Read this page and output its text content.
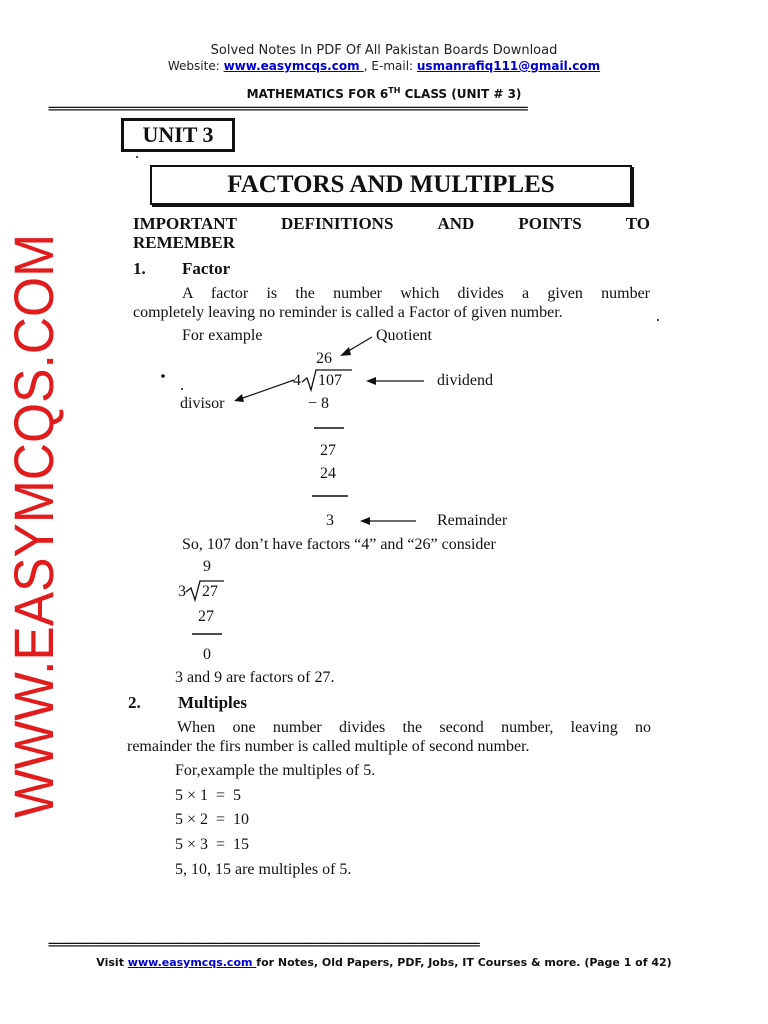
Solved Notes In PDF Of All Pakistan Boards Download
Website: www.easymcqs.com , E-mail: usmanrafiq111@gmail.com
MATHEMATICS FOR 6TH CLASS (UNIT # 3)
==========================================================================================
WWW.EASYMCQS.COM
UNIT 3
FACTORS AND MULTIPLES
IMPORTANT	DEFINITIONS	AND	POINTS	TO
REMEMBER
1. Factor
A factor is the number which divides a given number
completely leaving no reminder is called a Factor of given number.
For example	Quotient
26
4 107	dividend
divisor	− 8
27
24
3	Remainder
So, 107 don’t have factors “4” and “26” consider
9
3 27
27
0
3 and 9 are factors of 27.
2. Multiples
When one number divides the second number, leaving no
remainder the firs number is called multiple of second number.
For,example the multiples of 5.
5 × 1  =  5
5 × 2  =  10
5 × 3  =  15
5, 10, 15 are multiples of 5.
=================================================================================
Visit www.easymcqs.com for Notes, Old Papers, PDF, Jobs, IT Courses & more. (Page 1 of 42)
